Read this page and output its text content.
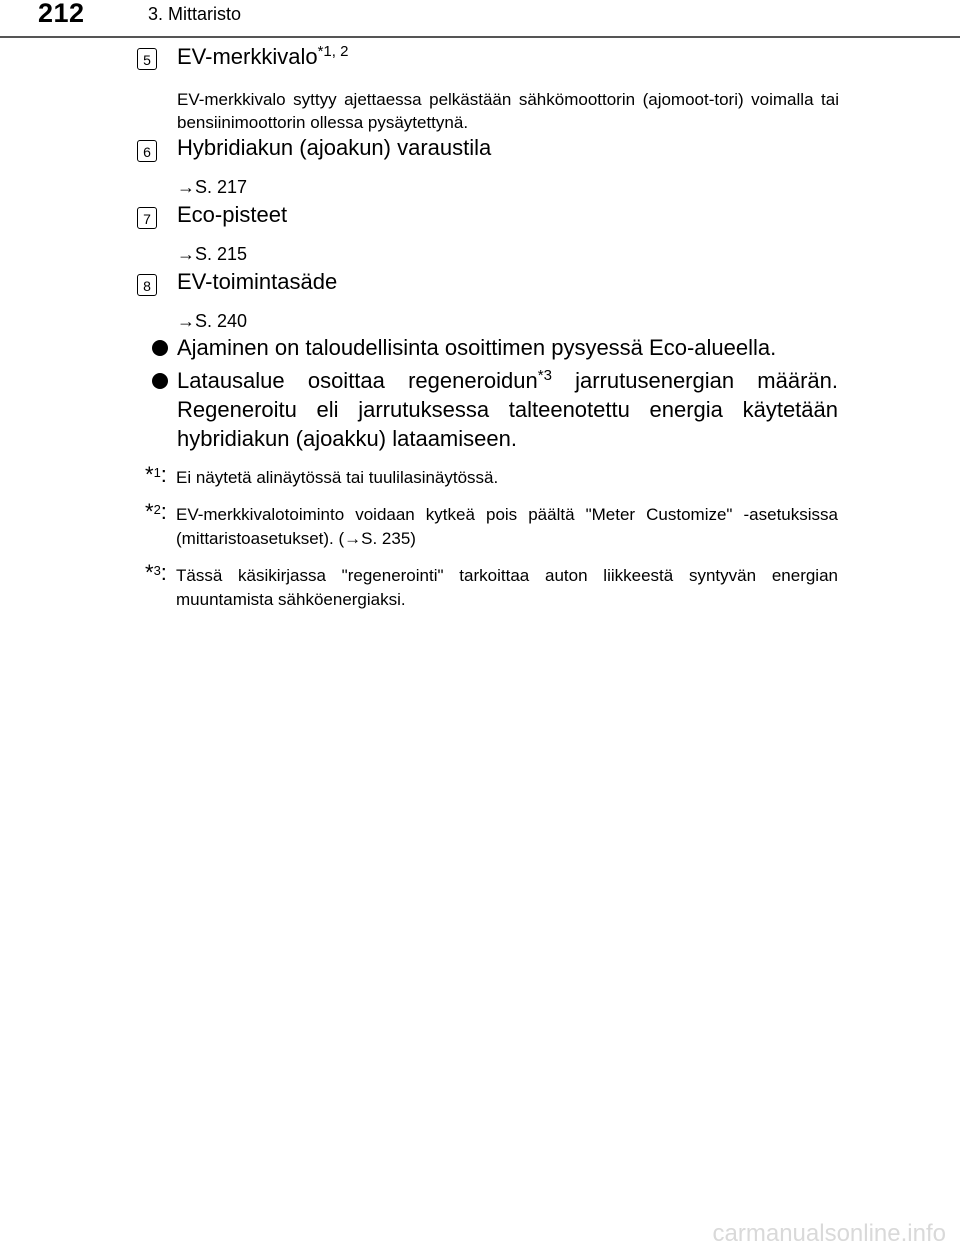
212	3. Mittaristo
5 EV-merkkivalo$^{*1, 2}$
EV-merkkivalo syttyy ajettaessa pelkästään sähkömoottorin (ajomoot-tori) voimalla tai bensiinimoottorin ollessa pysäytettynä.
6 Hybridiakun (ajoakun) varaustila
→S. 217
7 Eco-pisteet
→S. 215
8 EV-toimintasäde
→S. 240
Ajaminen on taloudellisinta osoittimen pysyessä Eco-alueella.
Latausalue osoittaa regeneroidun$^{*3}$ jarrutusenergian määrän. Regeneroitu eli jarrutuksessa talteenotettu energia käytetään hybridiakun (ajoakku) lataamiseen.
*$^1$: Ei näytetä alinäytössä tai tuulilasinäytössä.
*$^2$: EV-merkkivalotoiminto voidaan kytkeä pois päältä "Meter Customize" -asetuksissa (mittaristoasetukset). (→S. 235)
*$^3$: Tässä käsikirjassa "regenerointi" tarkoittaa auton liikkeestä syntyvän energian muuntamista sähköenergiaksi.
carmanualsonline.info
